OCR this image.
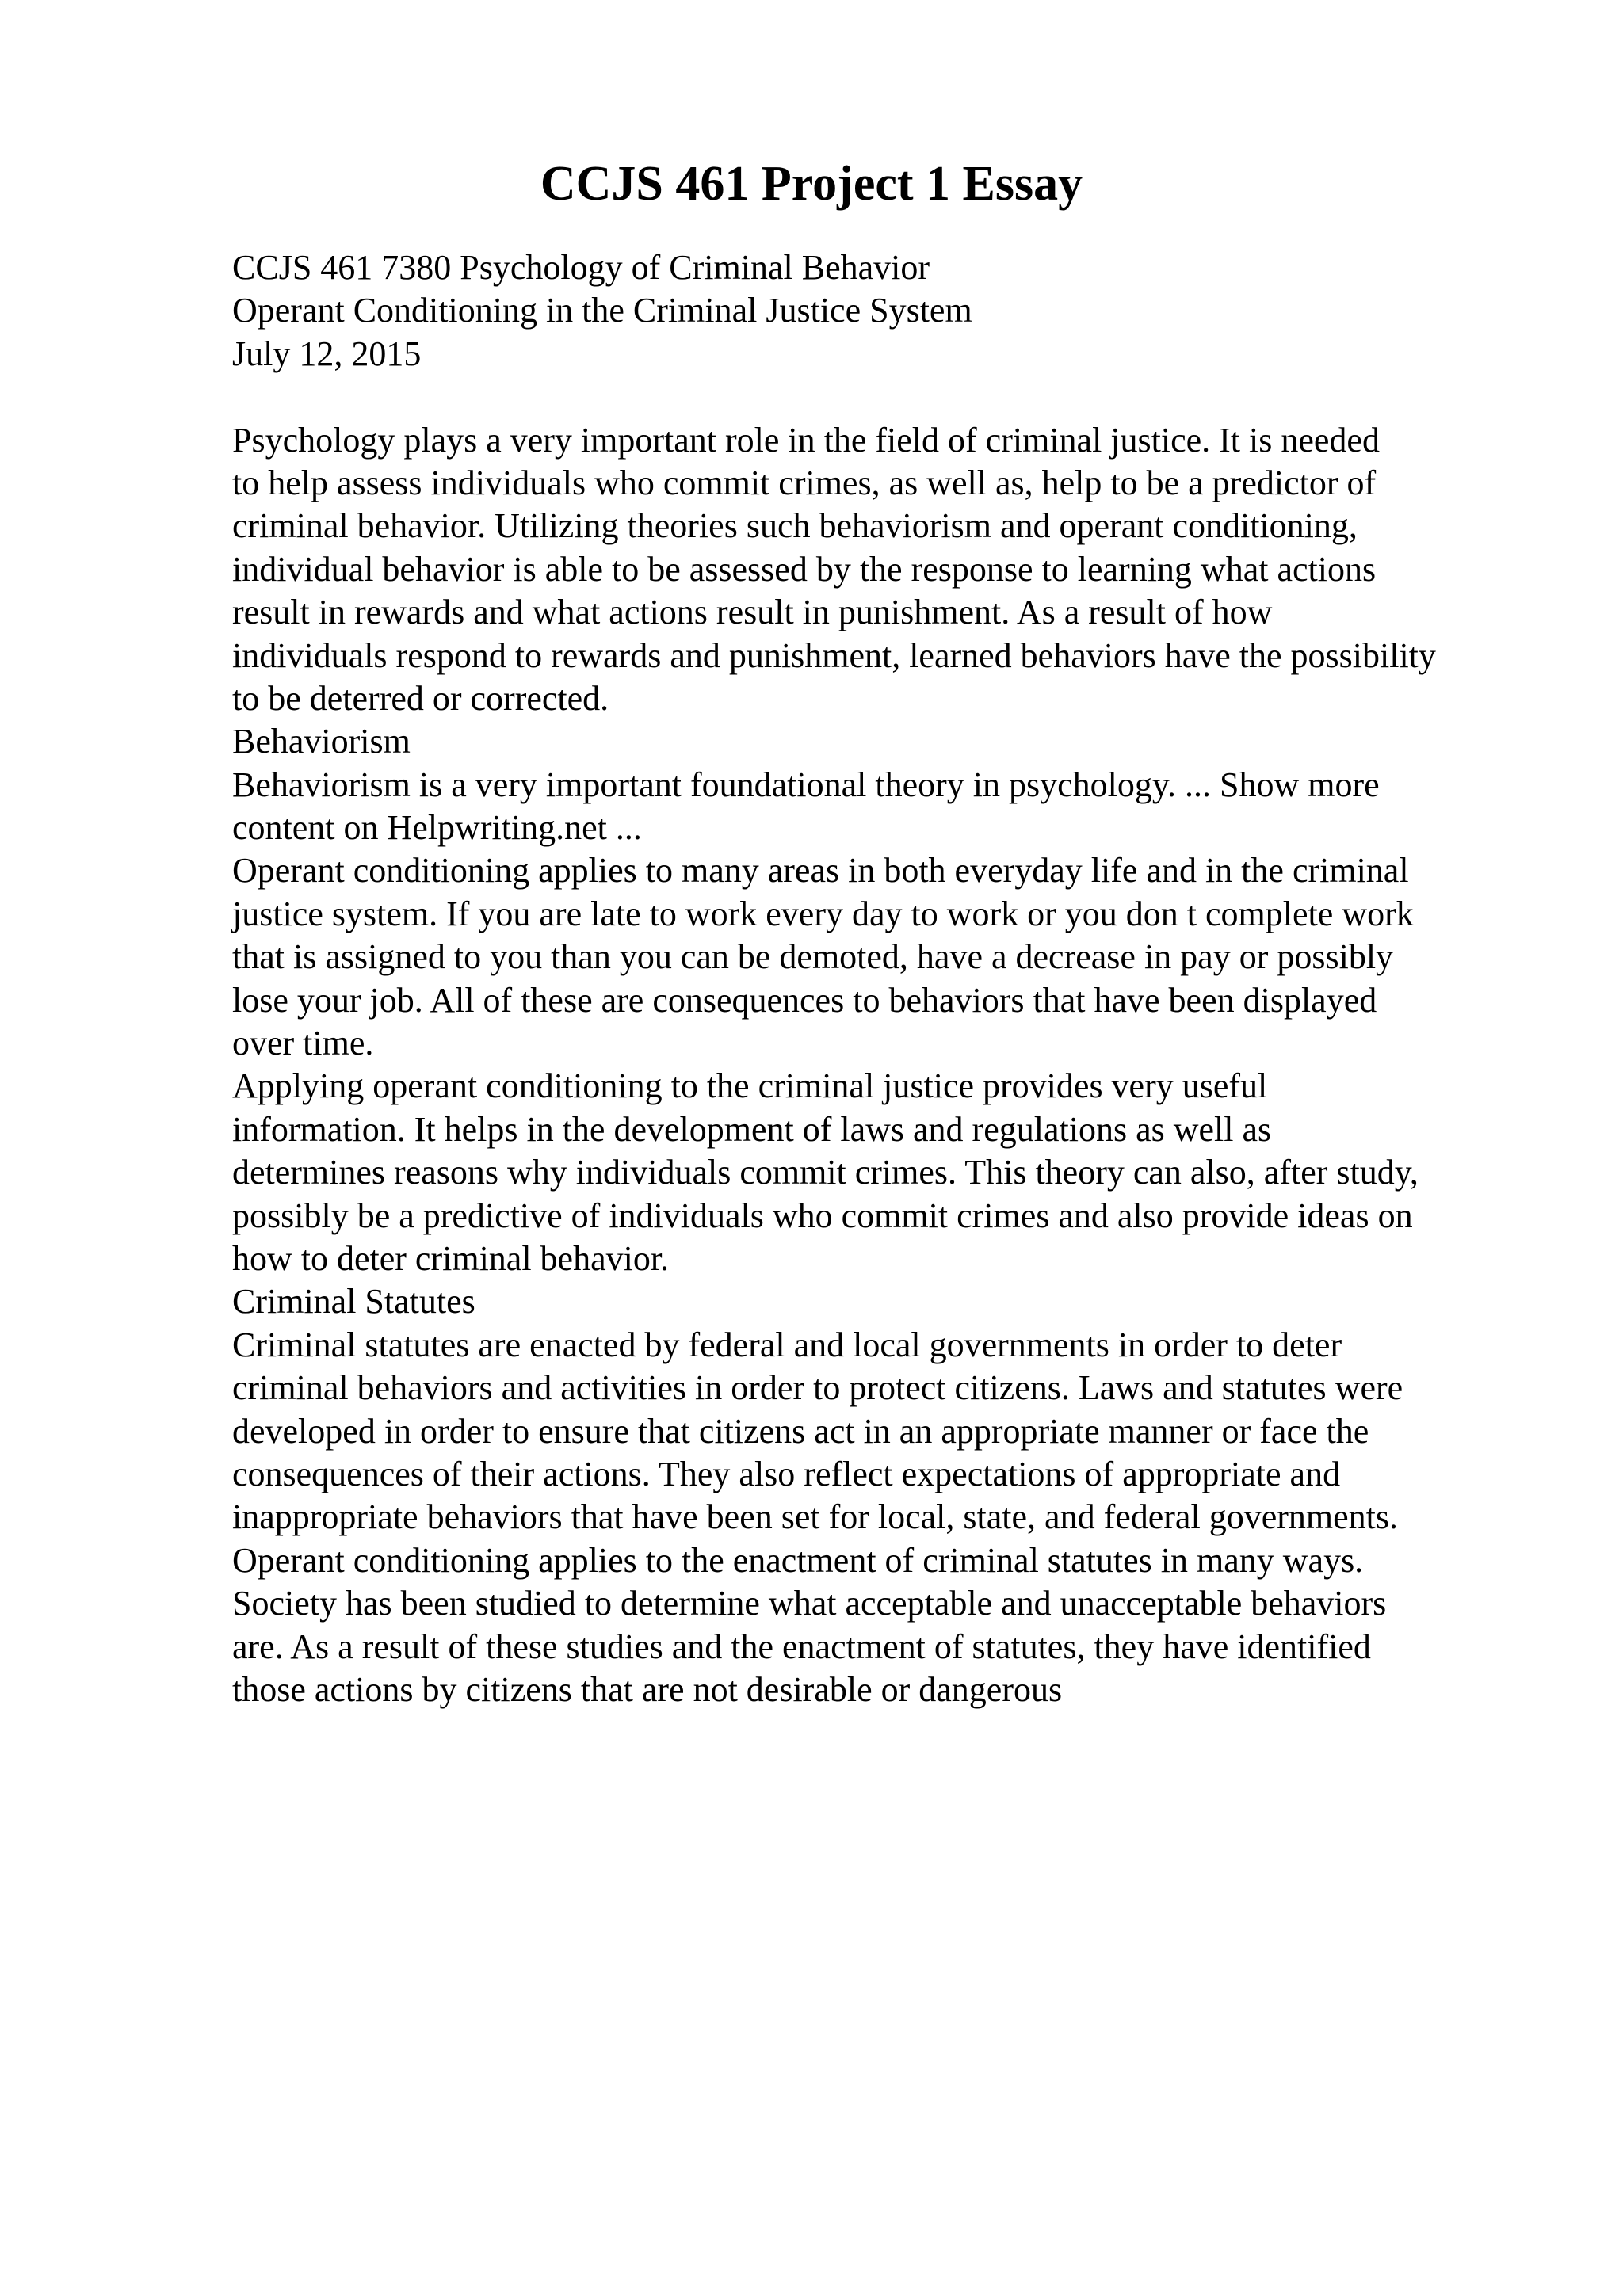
CCJS 461 Project 1 Essay
CCJS 461 7380 Psychology of Criminal Behavior
Operant Conditioning in the Criminal Justice System
July 12, 2015
Psychology plays a very important role in the field of criminal justice. It is needed
to help assess individuals who commit crimes, as well as, help to be a predictor of
criminal behavior. Utilizing theories such behaviorism and operant conditioning,
individual behavior is able to be assessed by the response to learning what actions
result in rewards and what actions result in punishment. As a result of how
individuals respond to rewards and punishment, learned behaviors have the possibility
to be deterred or corrected.
Behaviorism
Behaviorism is a very important foundational theory in psychology. ... Show more
content on Helpwriting.net ...
Operant conditioning applies to many areas in both everyday life and in the criminal
justice system. If you are late to work every day to work or you don t complete work
that is assigned to you than you can be demoted, have a decrease in pay or possibly
lose your job. All of these are consequences to behaviors that have been displayed
over time.
Applying operant conditioning to the criminal justice provides very useful
information. It helps in the development of laws and regulations as well as
determines reasons why individuals commit crimes. This theory can also, after study,
possibly be a predictive of individuals who commit crimes and also provide ideas on
how to deter criminal behavior.
Criminal Statutes
Criminal statutes are enacted by federal and local governments in order to deter
criminal behaviors and activities in order to protect citizens. Laws and statutes were
developed in order to ensure that citizens act in an appropriate manner or face the
consequences of their actions. They also reflect expectations of appropriate and
inappropriate behaviors that have been set for local, state, and federal governments.
Operant conditioning applies to the enactment of criminal statutes in many ways.
Society has been studied to determine what acceptable and unacceptable behaviors
are. As a result of these studies and the enactment of statutes, they have identified
those actions by citizens that are not desirable or dangerous
